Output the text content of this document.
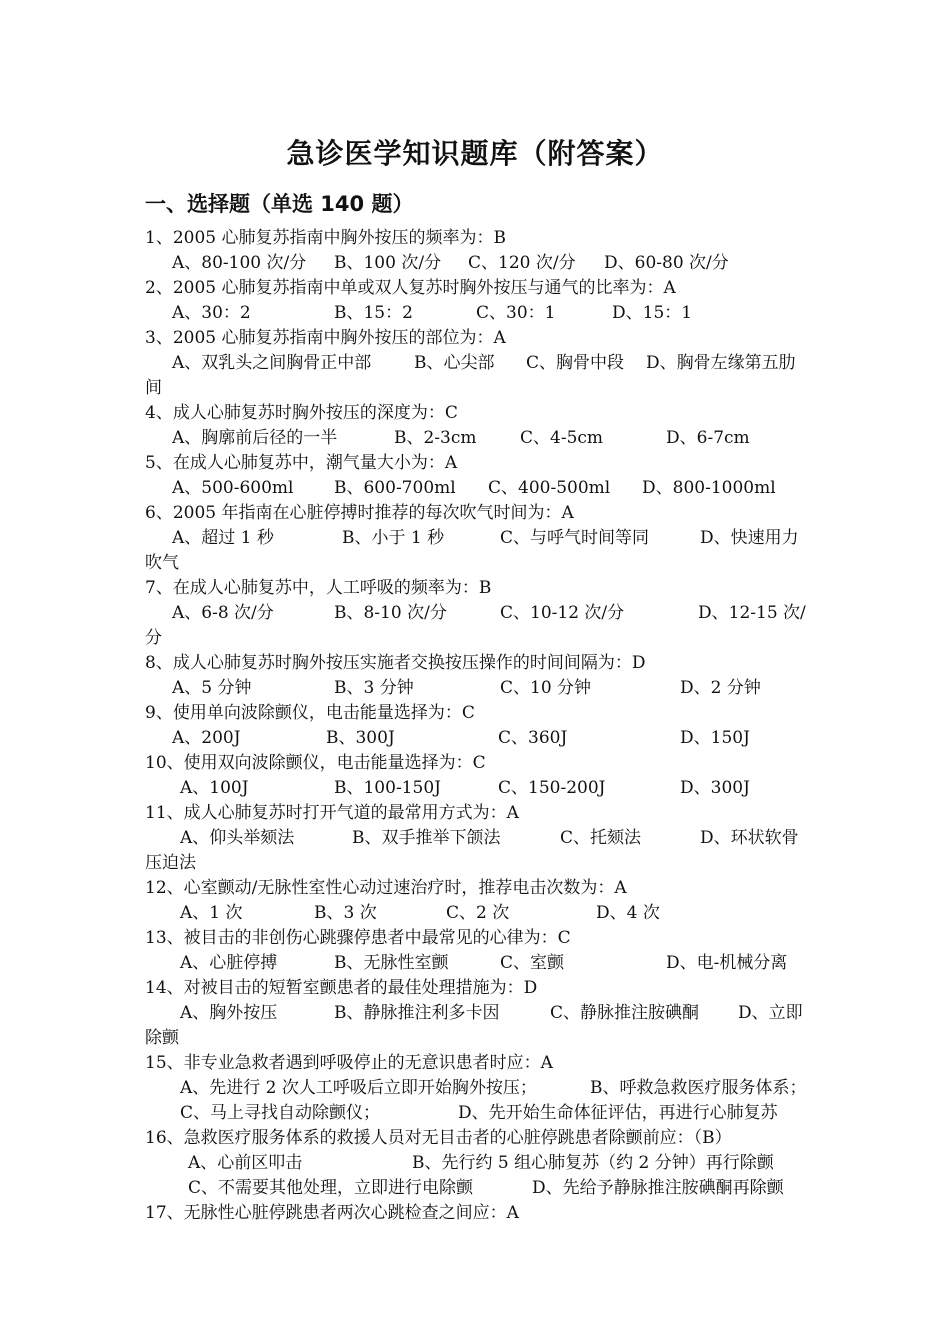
急诊医学知识题库（附答案）
一、选择题（单选 140 题）
1、2005 心肺复苏指南中胸外按压的频率为：B
A、80-100 次/分 B、100 次/分 C、120 次/分 D、60-80 次/分
2、2005 心肺复苏指南中单或双人复苏时胸外按压与通气的比率为：A
A、30：2	B、15：2	C、30：1	D、15：1
3、2005 心肺复苏指南中胸外按压的部位为：A
A、双乳头之间胸骨正中部	B、心尖部 C、胸骨中段 D、胸骨左缘第五肋
间
4、成人心肺复苏时胸外按压的深度为：C
A、胸廓前后径的一半	B、2-3cm	C、4-5cm	D、6-7cm
5、在成人心肺复苏中，潮气量大小为：A
A、500-600ml B、600-700ml C、400-500ml D、800-1000ml
6、2005 年指南在心脏停搏时推荐的每次吹气时间为：A
A、超过 1 秒	B、小于 1 秒	C、与呼气时间等同	D、快速用力
吹气
7、在成人心肺复苏中，人工呼吸的频率为：B
A、6-8 次/分	B、8-10 次/分	C、10-12 次/分	D、12-15 次/
分
8、成人心肺复苏时胸外按压实施者交换按压操作的时间间隔为：D
A、5 分钟	B、3 分钟	C、10 分钟	D、2 分钟
9、使用单向波除颤仪，电击能量选择为：C
A、200J	B、300J	C、360J	D、150J
10、使用双向波除颤仪，电击能量选择为：C
A、100J	B、100-150J	C、150-200J	D、300J
11、成人心肺复苏时打开气道的最常用方式为：A
A、仰头举颏法	B、双手推举下颌法	C、托颏法	D、环状软骨
压迫法
12、心室颤动/无脉性室性心动过速治疗时，推荐电击次数为：A
A、1 次	B、3 次	C、2 次	D、4 次
13、被目击的非创伤心跳骤停患者中最常见的心律为：C
A、心脏停搏	B、无脉性室颤	C、室颤	D、电-机械分离
14、对被目击的短暂室颤患者的最佳处理措施为：D
A、胸外按压	B、静脉推注利多卡因	C、静脉推注胺碘酮 D、立即
除颤
15、非专业急救者遇到呼吸停止的无意识患者时应：A
A、先进行 2 次人工呼吸后立即开始胸外按压；	B、呼救急救医疗服务体系；
C、马上寻找自动除颤仪；	D、先开始生命体征评估，再进行心肺复苏
16、急救医疗服务体系的救援人员对无目击者的心脏停跳患者除颤前应：（B）
A、心前区叩击	B、先行约 5 组心肺复苏（约 2 分钟）再行除颤
C、不需要其他处理，立即进行电除颤	D、先给予静脉推注胺碘酮再除颤
17、无脉性心脏停跳患者两次心跳检查之间应：A
